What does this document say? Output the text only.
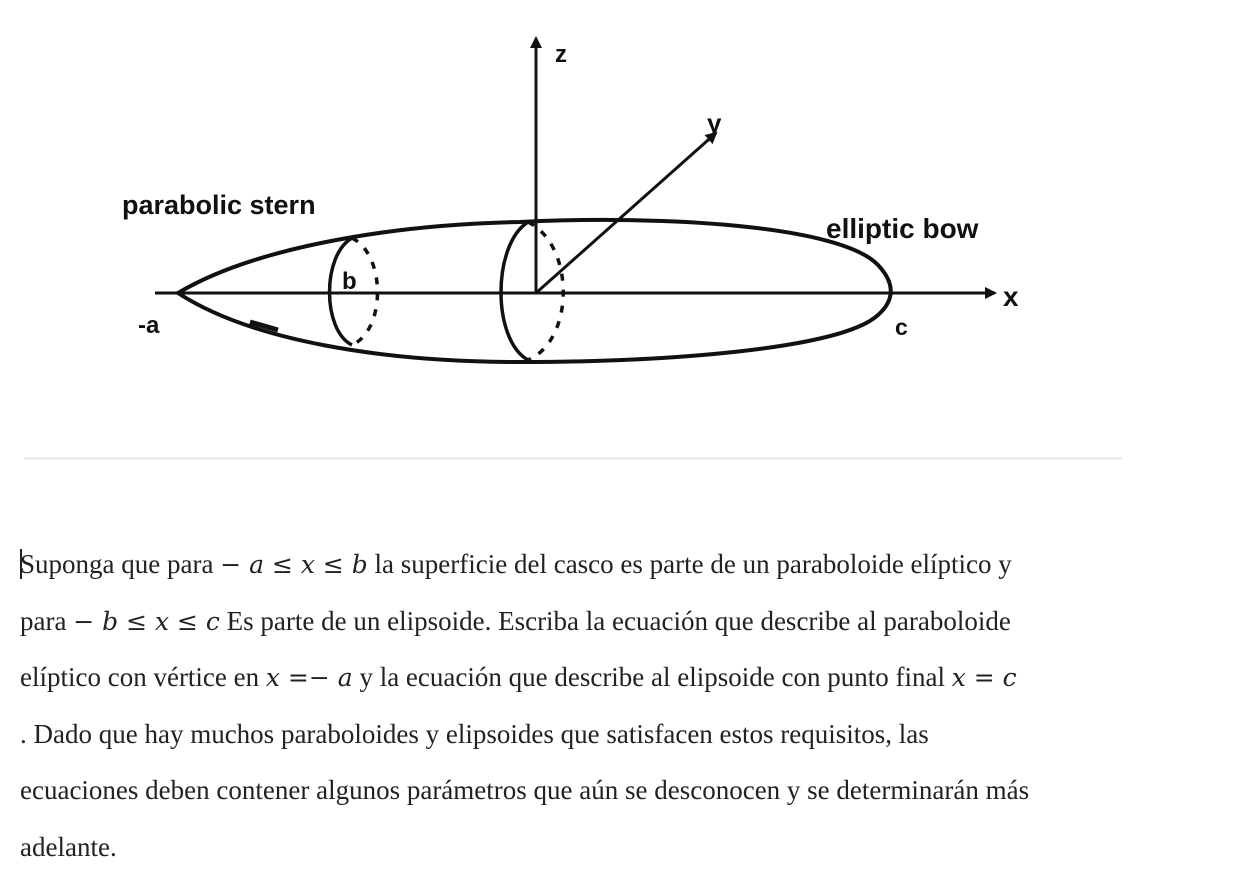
z
y
x
parabolic stern
elliptic bow
-a	c
b
Suponga que para − a ≤ x ≤ b la superficie del casco es parte de un paraboloide elíptico y
para − b ≤ x ≤ c Es parte de un elipsoide. Escriba la ecuación que describe al paraboloide
elíptico con vértice en x =− a y la ecuación que describe al elipsoide con punto final x = c
. Dado que hay muchos paraboloides y elipsoides que satisfacen estos requisitos, las
ecuaciones deben contener algunos parámetros que aún se desconocen y se determinarán más
adelante.
